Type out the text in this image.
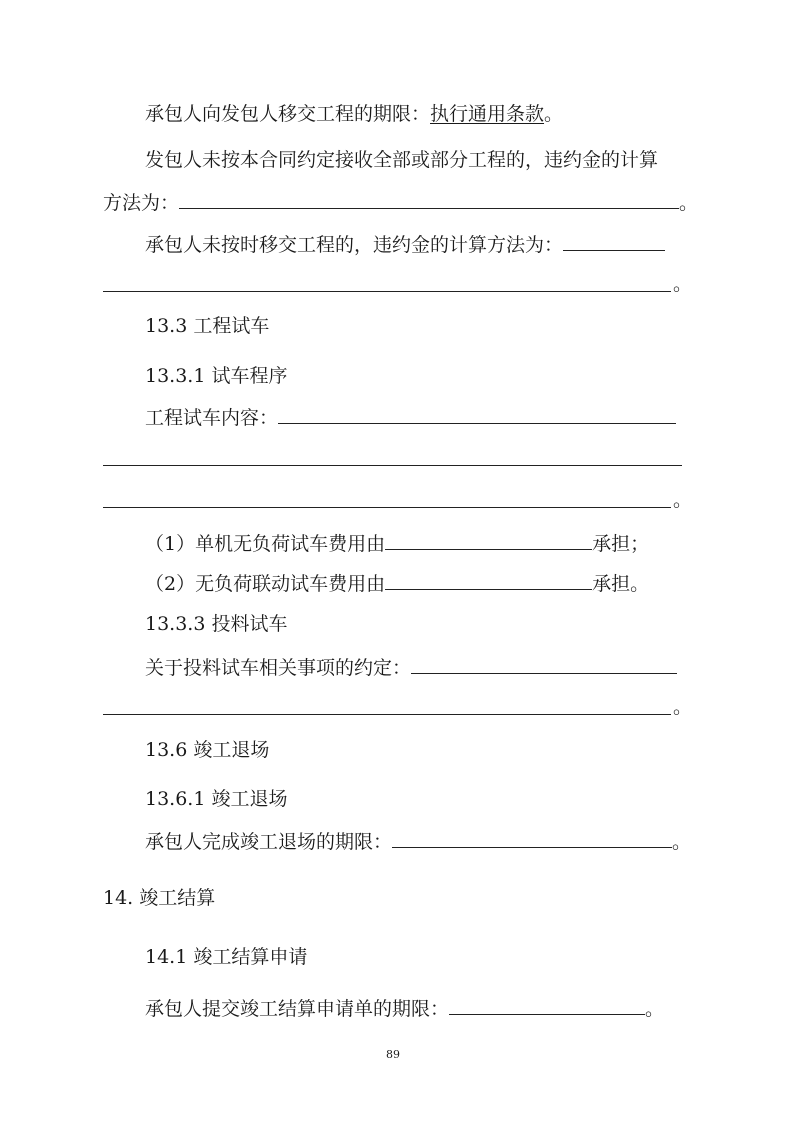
承包人向发包人移交工程的期限：执行通用条款。
发包人未按本合同约定接收全部或部分工程的，违约金的计算
方法为：	。
承包人未按时移交工程的，违约金的计算方法为：
。
13.3 工程试车
13.3.1 试车程序
工程试车内容：
。
（1）单机无负荷试车费用由	承担；
（2）无负荷联动试车费用由	承担。
13.3.3 投料试车
关于投料试车相关事项的约定：
。
13.6 竣工退场
13.6.1 竣工退场
承包人完成竣工退场的期限：	。
14. 竣工结算
14.1 竣工结算申请
承包人提交竣工结算申请单的期限：	。
89
